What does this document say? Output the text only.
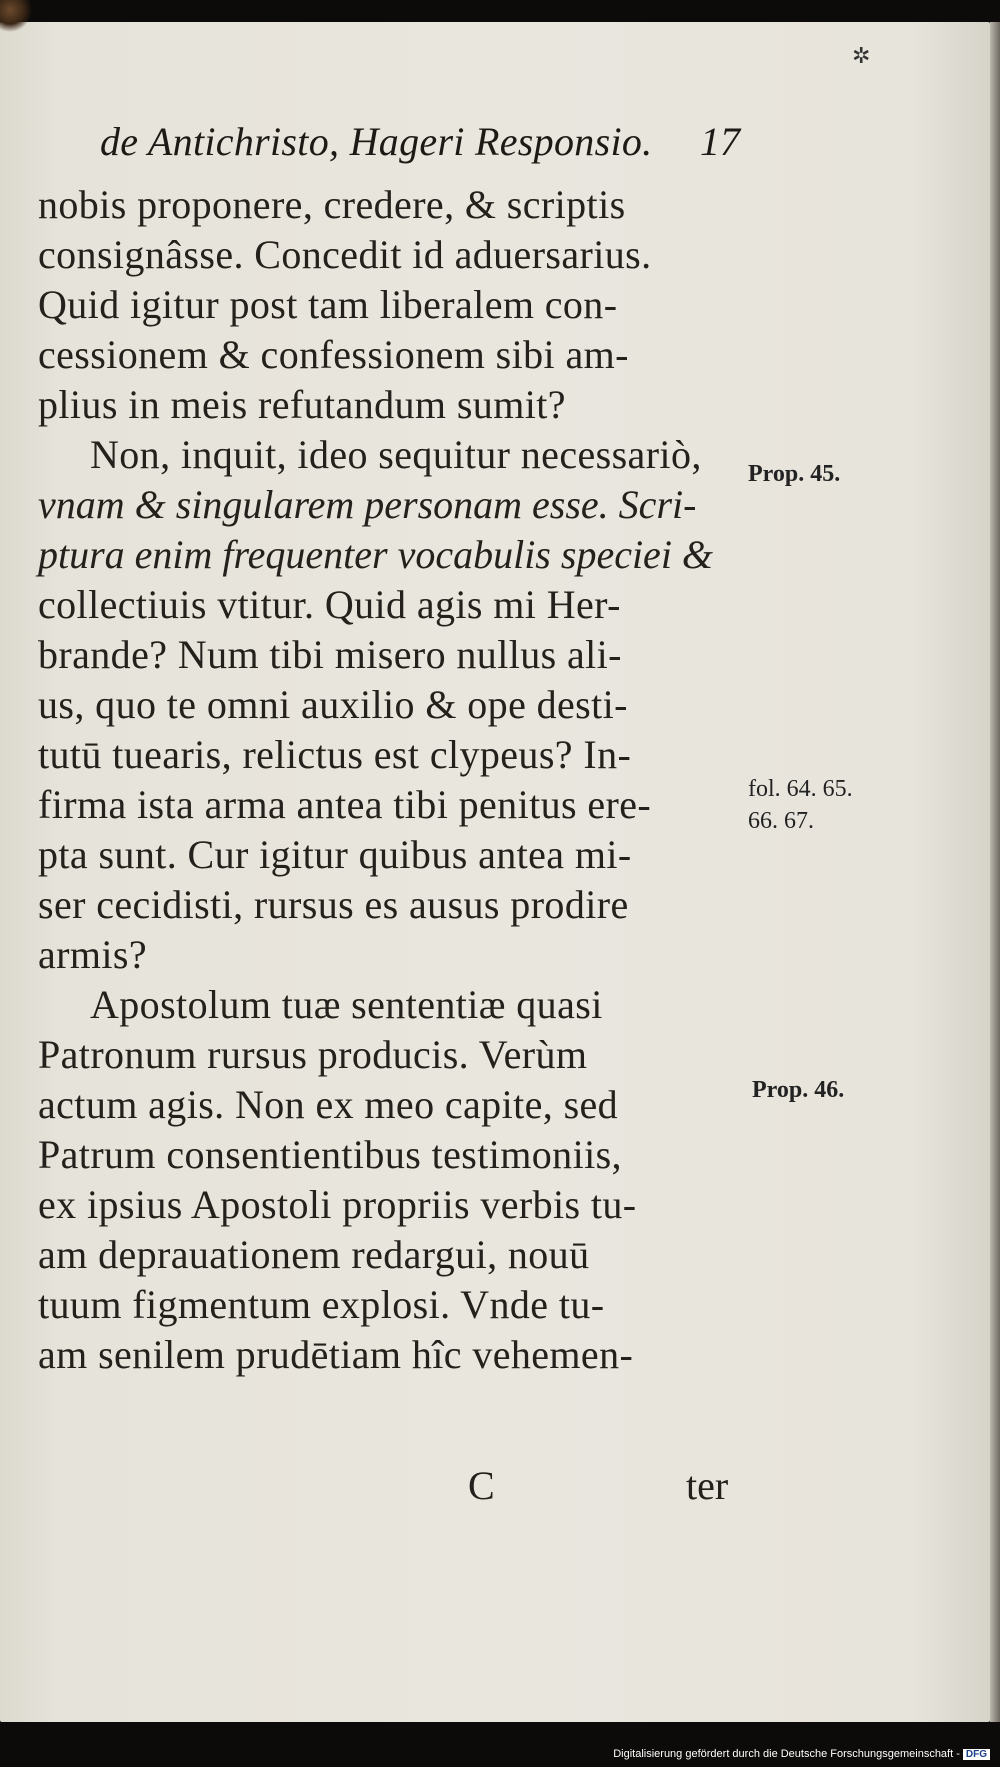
✲
de Antichristo, Hageri Responsio.	17
nobis proponere, credere, & scriptis
consignâsse. Concedit id aduersarius.
Quid igitur post tam liberalem con-
cessionem & confessionem sibi am-
plius in meis refutandum sumit?
Non, inquit, ideo sequitur necessariò,
vnam & singularem personam esse. Scri-
ptura enim frequenter vocabulis speciei &
collectiuis vtitur. Quid agis mi Her-
brande? Num tibi misero nullus ali-
us, quo te omni auxilio & ope desti-
tutū tuearis, relictus est clypeus? In-
firma ista arma antea tibi penitus ere-
pta sunt. Cur igitur quibus antea mi-
ser cecidisti, rursus es ausus prodire
armis?
Apostolum tuæ sententiæ quasi
Patronum rursus producis. Verùm
actum agis. Non ex meo capite, sed
Patrum consentientibus testimoniis,
ex ipsius Apostoli propriis verbis tu-
am deprauationem redargui, nouū
tuum figmentum explosi. Vnde tu-
am senilem prudētiam hîc vehemen-
C	ter
Prop. 45.
fol. 64. 65.
66. 67.
Prop. 46.
Digitalisierung gefördert durch die Deutsche Forschungsgemeinschaft - DFG
